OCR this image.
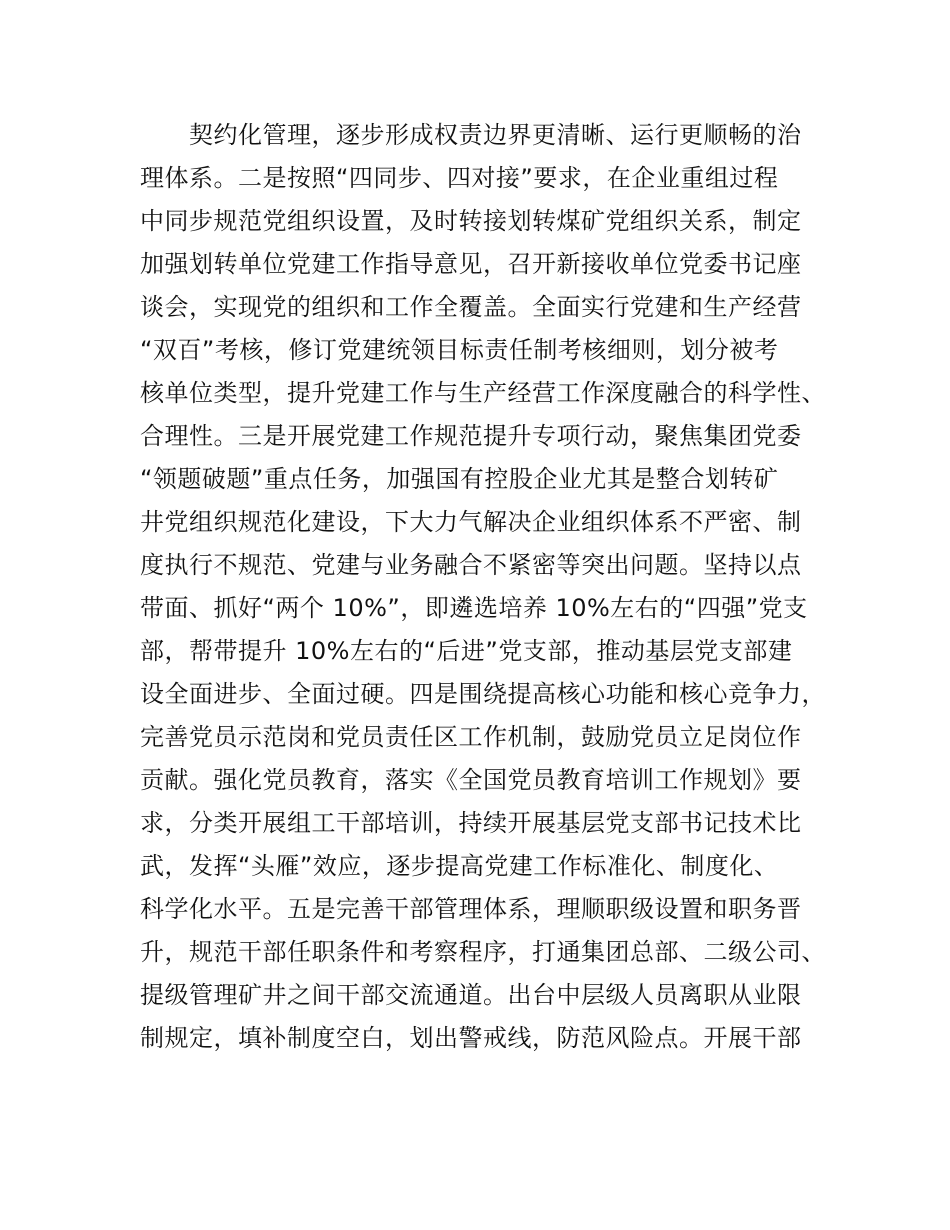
契约化管理，逐步形成权责边界更清晰、运行更顺畅的治
理体系。二是按照“四同步、四对接”要求，在企业重组过程
中同步规范党组织设置，及时转接划转煤矿党组织关系，制定
加强划转单位党建工作指导意见，召开新接收单位党委书记座
谈会，实现党的组织和工作全覆盖。全面实行党建和生产经营
“双百”考核，修订党建统领目标责任制考核细则，划分被考
核单位类型，提升党建工作与生产经营工作深度融合的科学性、
合理性。三是开展党建工作规范提升专项行动，聚焦集团党委
“领题破题”重点任务，加强国有控股企业尤其是整合划转矿
井党组织规范化建设，下大力气解决企业组织体系不严密、制
度执行不规范、党建与业务融合不紧密等突出问题。坚持以点
带面、抓好“两个 10%”，即遴选培养 10%左右的“四强”党支
部，帮带提升 10%左右的“后进”党支部，推动基层党支部建
设全面进步、全面过硬。四是围绕提高核心功能和核心竞争力，
完善党员示范岗和党员责任区工作机制，鼓励党员立足岗位作
贡献。强化党员教育，落实《全国党员教育培训工作规划》要
求，分类开展组工干部培训，持续开展基层党支部书记技术比
武，发挥“头雁”效应，逐步提高党建工作标准化、制度化、
科学化水平。五是完善干部管理体系，理顺职级设置和职务晋
升，规范干部任职条件和考察程序，打通集团总部、二级公司、
提级管理矿井之间干部交流通道。出台中层级人员离职从业限
制规定，填补制度空白，划出警戒线，防范风险点。开展干部
